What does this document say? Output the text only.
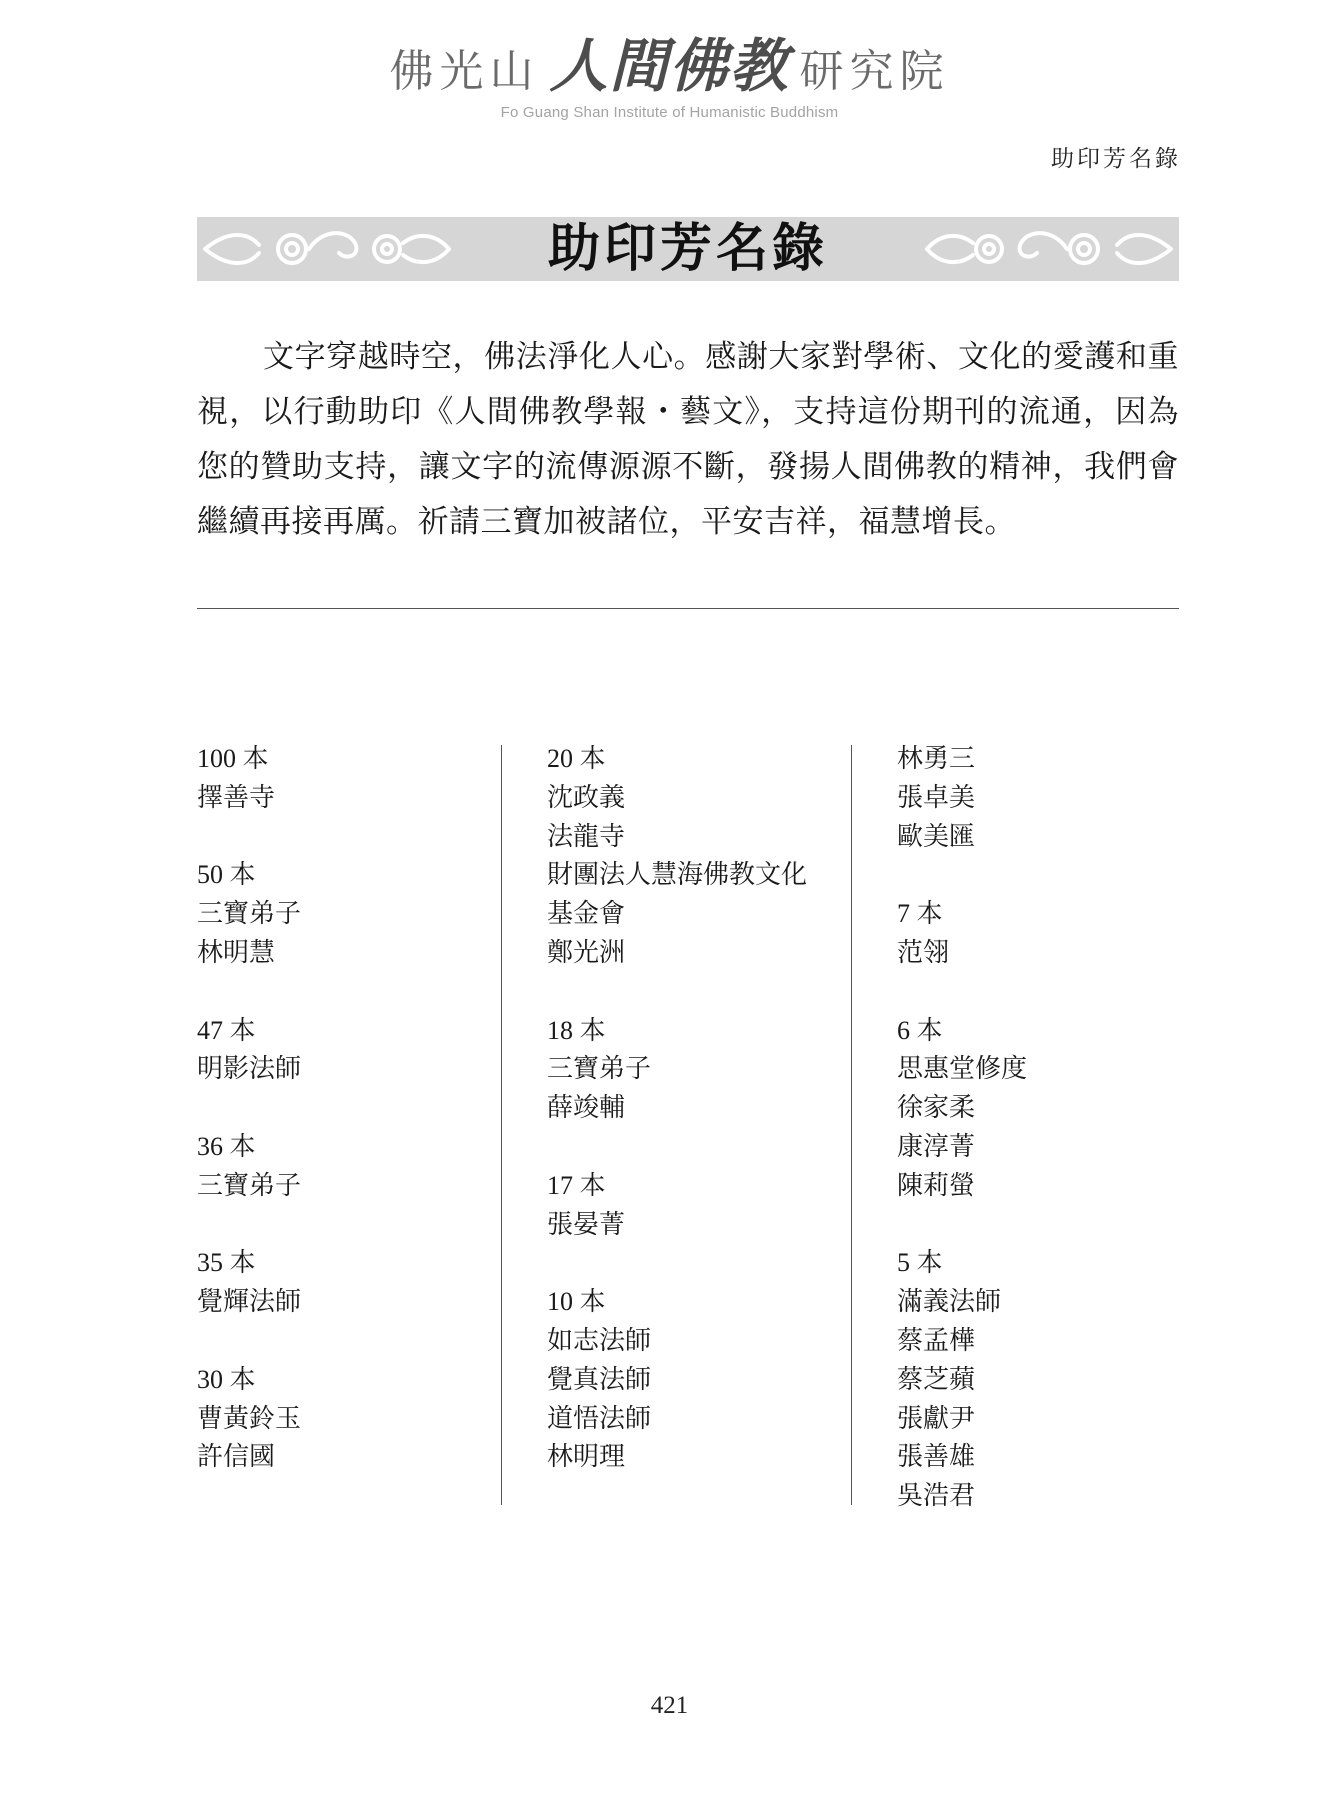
佛光山 人間佛教 研究院
Fo Guang Shan Institute of Humanistic Buddhism
助印芳名錄
助印芳名錄
文字穿越時空，佛法淨化人心。感謝大家對學術、文化的愛護和重視，以行動助印《人間佛教學報・藝文》，支持這份期刊的流通，因為您的贊助支持，讓文字的流傳源源不斷，發揚人間佛教的精神，我們會繼續再接再厲。祈請三寶加被諸位，平安吉祥，福慧增長。
100 本
擇善寺
50 本
三寶弟子
林明慧
47 本
明影法師
36 本
三寶弟子
35 本
覺輝法師
30 本
曹黃鈴玉
許信國
20 本
沈政義
法龍寺
財團法人慧海佛教文化
基金會
鄭光洲
18 本
三寶弟子
薛竣輔
17 本
張晏菁
10 本
如志法師
覺真法師
道悟法師
林明理
林勇三
張卓美
歐美匯
7 本
范翎
6 本
思惠堂修度
徐家柔
康淳菁
陳莉螢
5 本
滿義法師
蔡孟樺
蔡芝蘋
張獻尹
張善雄
吳浩君
421
